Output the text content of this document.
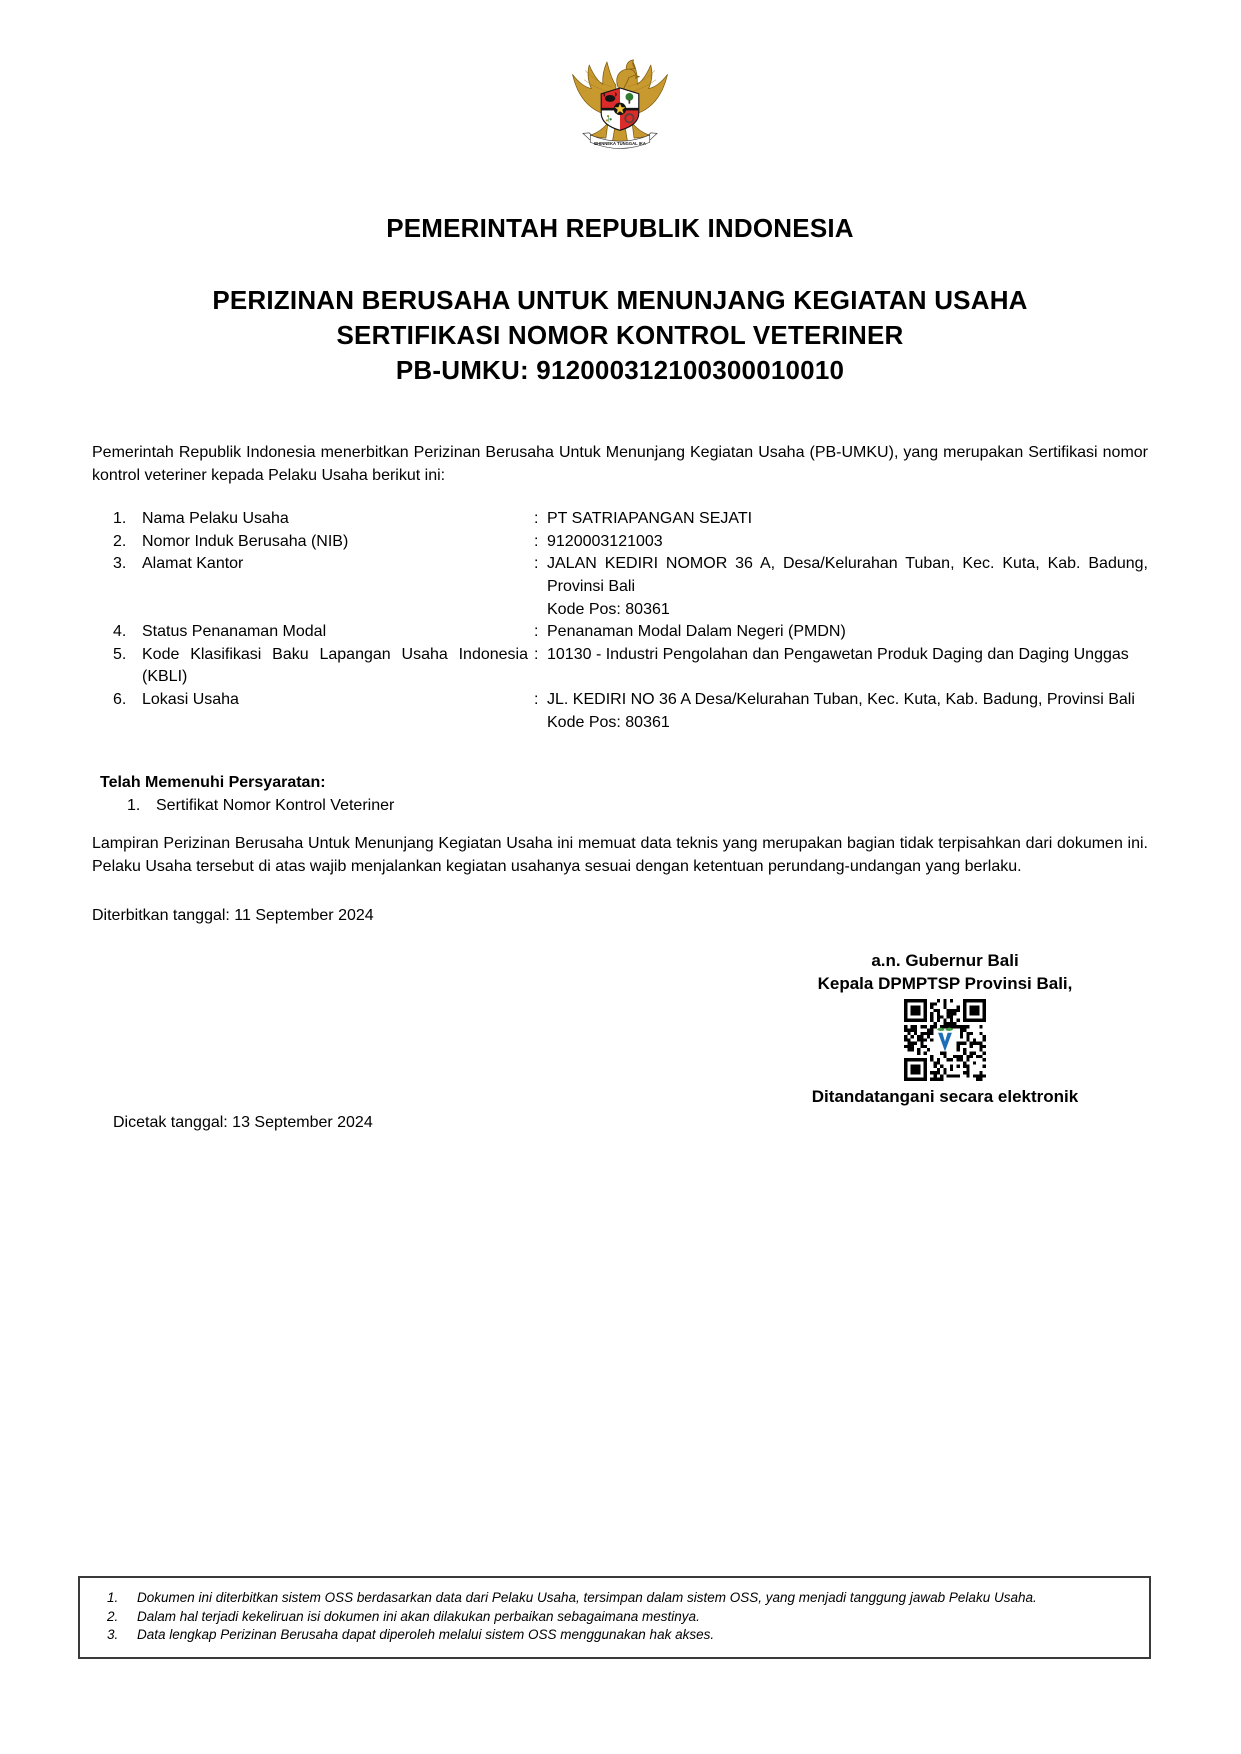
BHINNEKA TUNGGAL IKA
PEMERINTAH REPUBLIK INDONESIA
PERIZINAN BERUSAHA UNTUK MENUNJANG KEGIATAN USAHA
SERTIFIKASI NOMOR KONTROL VETERINER
PB-UMKU: 912000312100300010010

Pemerintah Republik Indonesia menerbitkan Perizinan Berusaha Untuk Menunjang Kegiatan Usaha (PB-UMKU), yang merupakan Sertifikasi nomor kontrol veteriner kepada Pelaku Usaha berikut ini:

1. Nama Pelaku Usaha	: PT SATRIAPANGAN SEJATI
2. Nomor Induk Berusaha (NIB)	: 9120003121003
3. Alamat Kantor	: JALAN KEDIRI NOMOR 36 A, Desa/Kelurahan Tuban, Kec. Kuta, Kab. Badung, Provinsi Bali
Kode Pos: 80361
4. Status Penanaman Modal	: Penanaman Modal Dalam Negeri (PMDN)
5. Kode Klasifikasi Baku Lapangan Usaha Indonesia (KBLI)
: 10130 - Industri Pengolahan dan Pengawetan Produk Daging dan Daging Unggas
6. Lokasi Usaha	: JL. KEDIRI NO 36 A Desa/Kelurahan Tuban, Kec. Kuta, Kab. Badung, Provinsi Bali
Kode Pos: 80361
Telah Memenuhi Persyaratan:
1. Sertifikat Nomor Kontrol Veteriner

Lampiran Perizinan Berusaha Untuk Menunjang Kegiatan Usaha ini memuat data teknis yang merupakan bagian tidak terpisahkan dari dokumen ini. Pelaku Usaha tersebut di atas wajib menjalankan kegiatan usahanya sesuai dengan ketentuan perundang-undangan yang berlaku.

Diterbitkan tanggal: 11 September 2024

a.n. Gubernur Bali
Kepala DPMPTSP Provinsi Bali,
Ditandatangani secara elektronik

Dicetak tanggal: 13 September 2024

1.	Dokumen ini diterbitkan sistem OSS berdasarkan data dari Pelaku Usaha, tersimpan dalam sistem OSS, yang menjadi tanggung jawab Pelaku Usaha.
2.	Dalam hal terjadi kekeliruan isi dokumen ini akan dilakukan perbaikan sebagaimana mestinya.
3.	Data lengkap Perizinan Berusaha dapat diperoleh melalui sistem OSS menggunakan hak akses.
